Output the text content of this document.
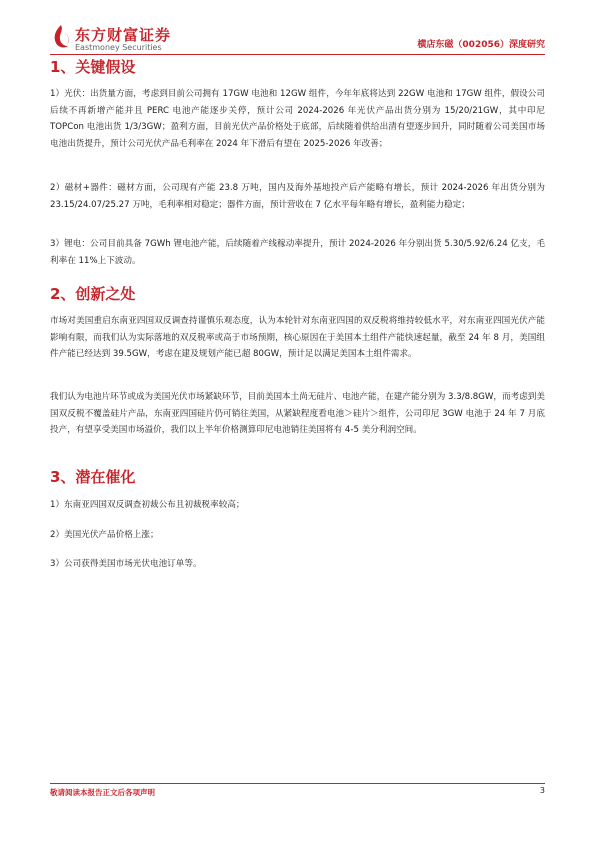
东方财富证券
Eastmoney Securities	横店东磁（002056）深度研究
1、关键假设

1）光伏：出货量方面，考虑到目前公司拥有 17GW 电池和 12GW 组件，今年年底将达到 22GW 电池和 17GW 组件，假设公司后续不再新增产能并且 PERC 电池产能逐步关停，预计公司 2024-2026 年光伏产品出货分别为 15/20/21GW，其中印尼 TOPCon 电池出货 1/3/3GW；盈利方面，目前光伏产品价格处于底部，后续随着供给出清有望逐步回升，同时随着公司美国市场电池出货提升，预计公司光伏产品毛利率在 2024 年下滑后有望在 2025-2026 年改善；

2）磁材+器件：磁材方面，公司现有产能 23.8 万吨，国内及海外基地投产后产能略有增长，预计 2024-2026 年出货分别为 23.15/24.07/25.27 万吨，毛利率相对稳定；器件方面，预计营收在 7 亿水平每年略有增长，盈利能力稳定；

3）锂电：公司目前具备 7GWh 锂电池产能，后续随着产线稼动率提升，预计 2024-2026 年分别出货 5.30/5.92/6.24 亿支，毛利率在 11%上下波动。

2、创新之处

市场对美国重启东南亚四国双反调查持谨慎乐观态度，认为本轮针对东南亚四国的双反税将维持较低水平，对东南亚四国光伏产能影响有限，而我们认为实际落地的双反税率或高于市场预期，核心原因在于美国本土组件产能快速起量，截至 24 年 8 月，美国组件产能已经达到 39.5GW，考虑在建及规划产能已超 80GW，预计足以满足美国本土组件需求。

我们认为电池片环节或成为美国光伏市场紧缺环节，目前美国本土尚无硅片、电池产能，在建产能分别为 3.3/8.8GW，而考虑到美国双反税不覆盖硅片产品，东南亚四国硅片仍可销往美国，从紧缺程度看电池＞硅片＞组件，公司印尼 3GW 电池于 24 年 7 月底投产，有望享受美国市场溢价，我们以上半年价格测算印尼电池销往美国将有 4-5 美分利润空间。

3、潜在催化

1）东南亚四国双反调查初裁公布且初裁税率较高；

2）美国光伏产品价格上涨；

3）公司获得美国市场光伏电池订单等。

敬请阅读本报告正文后各项声明	3
